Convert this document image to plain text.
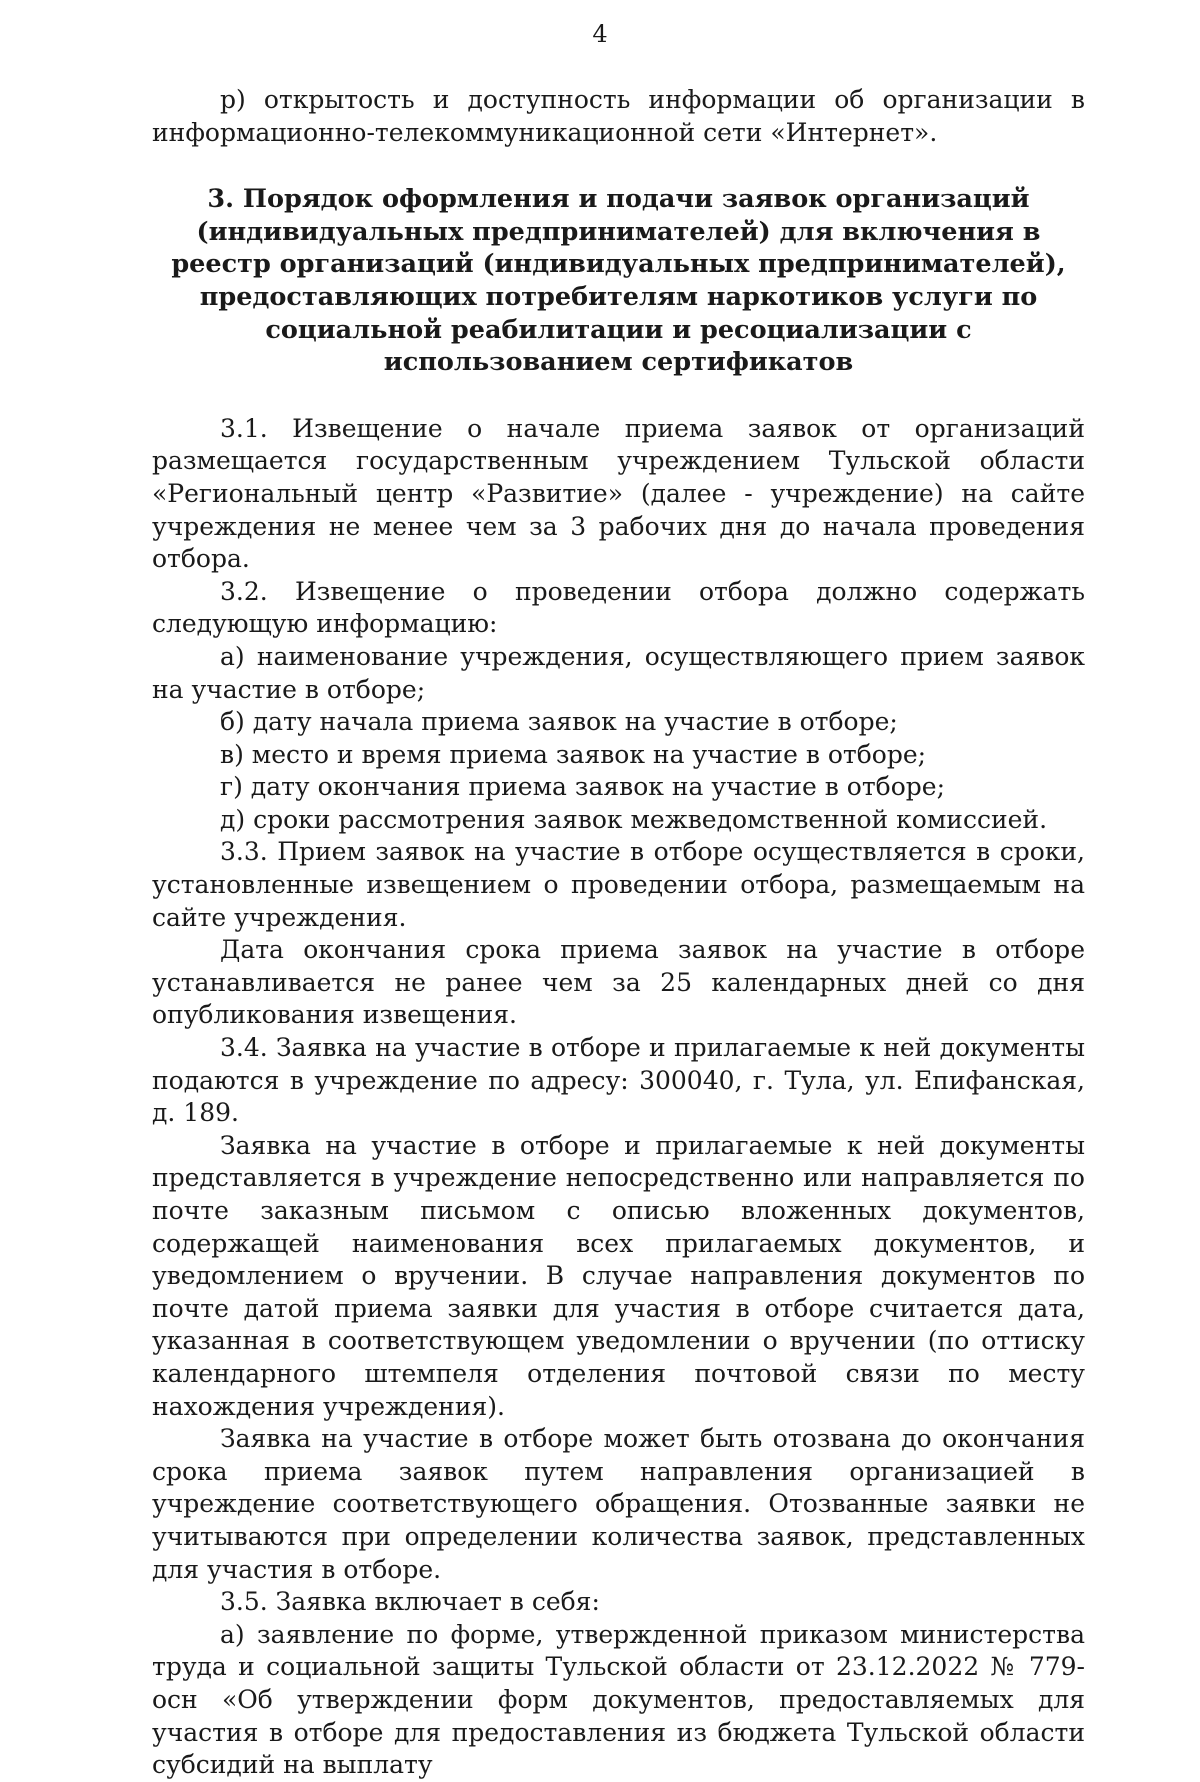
4

р) открытость и доступность информации об организации в информационно-телекоммуникационной сети «Интернет».

3. Порядок оформления и подачи заявок организаций (индивидуальных предпринимателей) для включения в реестр организаций (индивидуальных предпринимателей), предоставляющих потребителям наркотиков услуги по социальной реабилитации и ресоциализации с использованием сертификатов

3.1. Извещение о начале приема заявок от организаций размещается государственным учреждением Тульской области «Региональный центр «Развитие» (далее - учреждение) на сайте учреждения не менее чем за 3 рабочих дня до начала проведения отбора.

3.2. Извещение о проведении отбора должно содержать следующую информацию:

а) наименование учреждения, осуществляющего прием заявок на участие в отборе;

б) дату начала приема заявок на участие в отборе;

в) место и время приема заявок на участие в отборе;

г) дату окончания приема заявок на участие в отборе;

д) сроки рассмотрения заявок межведомственной комиссией.

3.3. Прием заявок на участие в отборе осуществляется в сроки, установленные извещением о проведении отбора, размещаемым на сайте учреждения.

Дата окончания срока приема заявок на участие в отборе устанавливается не ранее чем за 25 календарных дней со дня опубликования извещения.

3.4. Заявка на участие в отборе и прилагаемые к ней документы подаются в учреждение по адресу: 300040, г. Тула, ул. Епифанская, д. 189.

Заявка на участие в отборе и прилагаемые к ней документы представляется в учреждение непосредственно или направляется по почте заказным письмом с описью вложенных документов, содержащей наименования всех прилагаемых документов, и уведомлением о вручении. В случае направления документов по почте датой приема заявки для участия в отборе считается дата, указанная в соответствующем уведомлении о вручении (по оттиску календарного штемпеля отделения почтовой связи по месту нахождения учреждения).

Заявка на участие в отборе может быть отозвана до окончания срока приема заявок путем направления организацией в учреждение соответствующего обращения. Отозванные заявки не учитываются при определении количества заявок, представленных для участия в отборе.

3.5. Заявка включает в себя:

а) заявление по форме, утвержденной приказом министерства труда и социальной защиты Тульской области от 23.12.2022 № 779-осн «Об утверждении форм документов, предоставляемых для участия в отборе для предоставления из бюджета Тульской области субсидий на выплату
